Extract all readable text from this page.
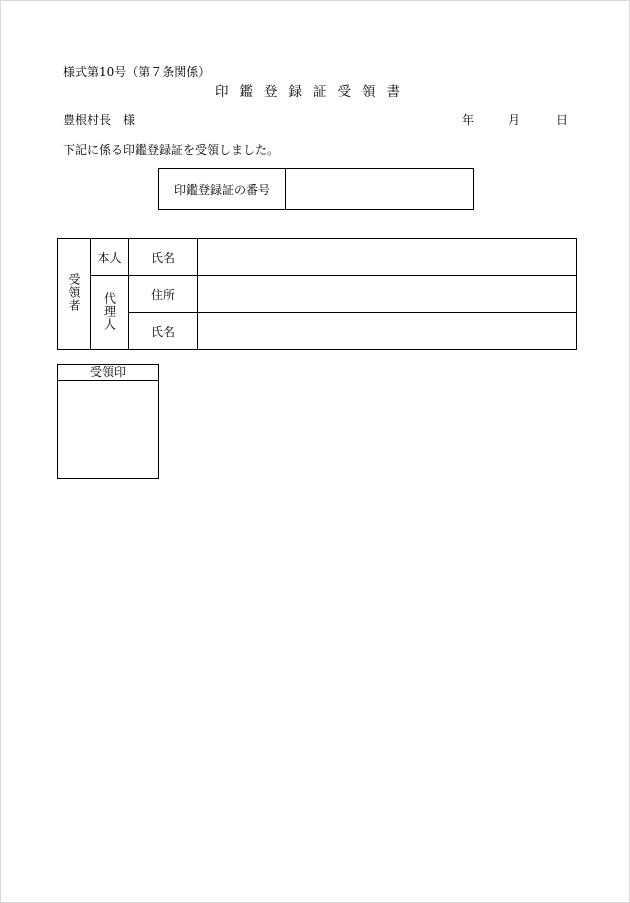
様式第10号（第７条関係）
印鑑登録証受領書
豊根村長　様	年	月	日
下記に係る印鑑登録証を受領しました。
印鑑登録証の番号
受領者	本人	氏名	
	代理人	住所	
		氏名	
受領印
